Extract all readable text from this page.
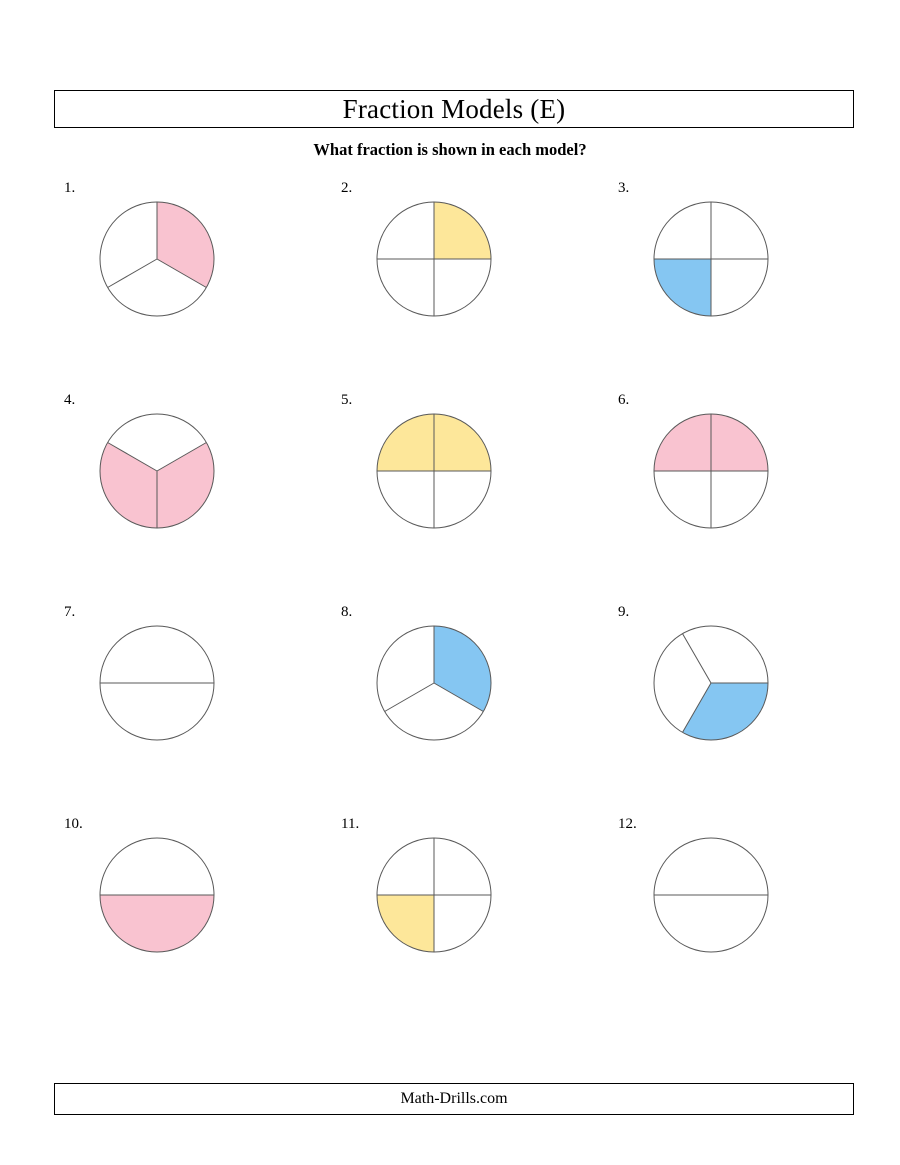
Fraction Models (E)
What fraction is shown in each model?
1.	2.	3.
4.	5.	6.
7.	8.	9.
10.	11.	12.
Math-Drills.com
